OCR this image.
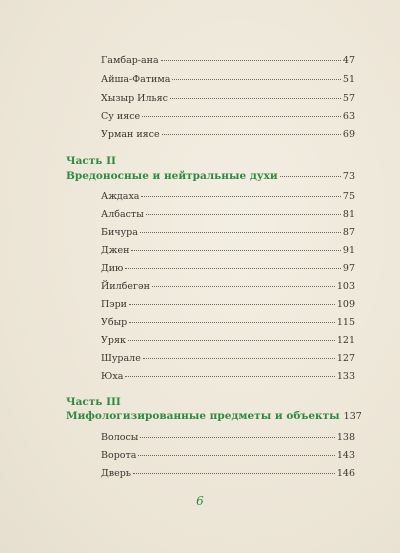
Гамбар-ана	47
Айша-Фатима	51
Хызыр Ильяс	57
Су иясе	63
Урман иясе	69
Часть II
Вредоносные и нейтральные духи	73
Аждаха	75
Албасты	81
Бичура	87
Джен	91
Дию	97
Йилбегән	103
Пэри	109
Убыр	115
Уряк	121
Шурале	127
Юха	133
Часть III
Мифологизированные предметы и объекты 137
Волосы	138
Ворота	143
Дверь	146
6
